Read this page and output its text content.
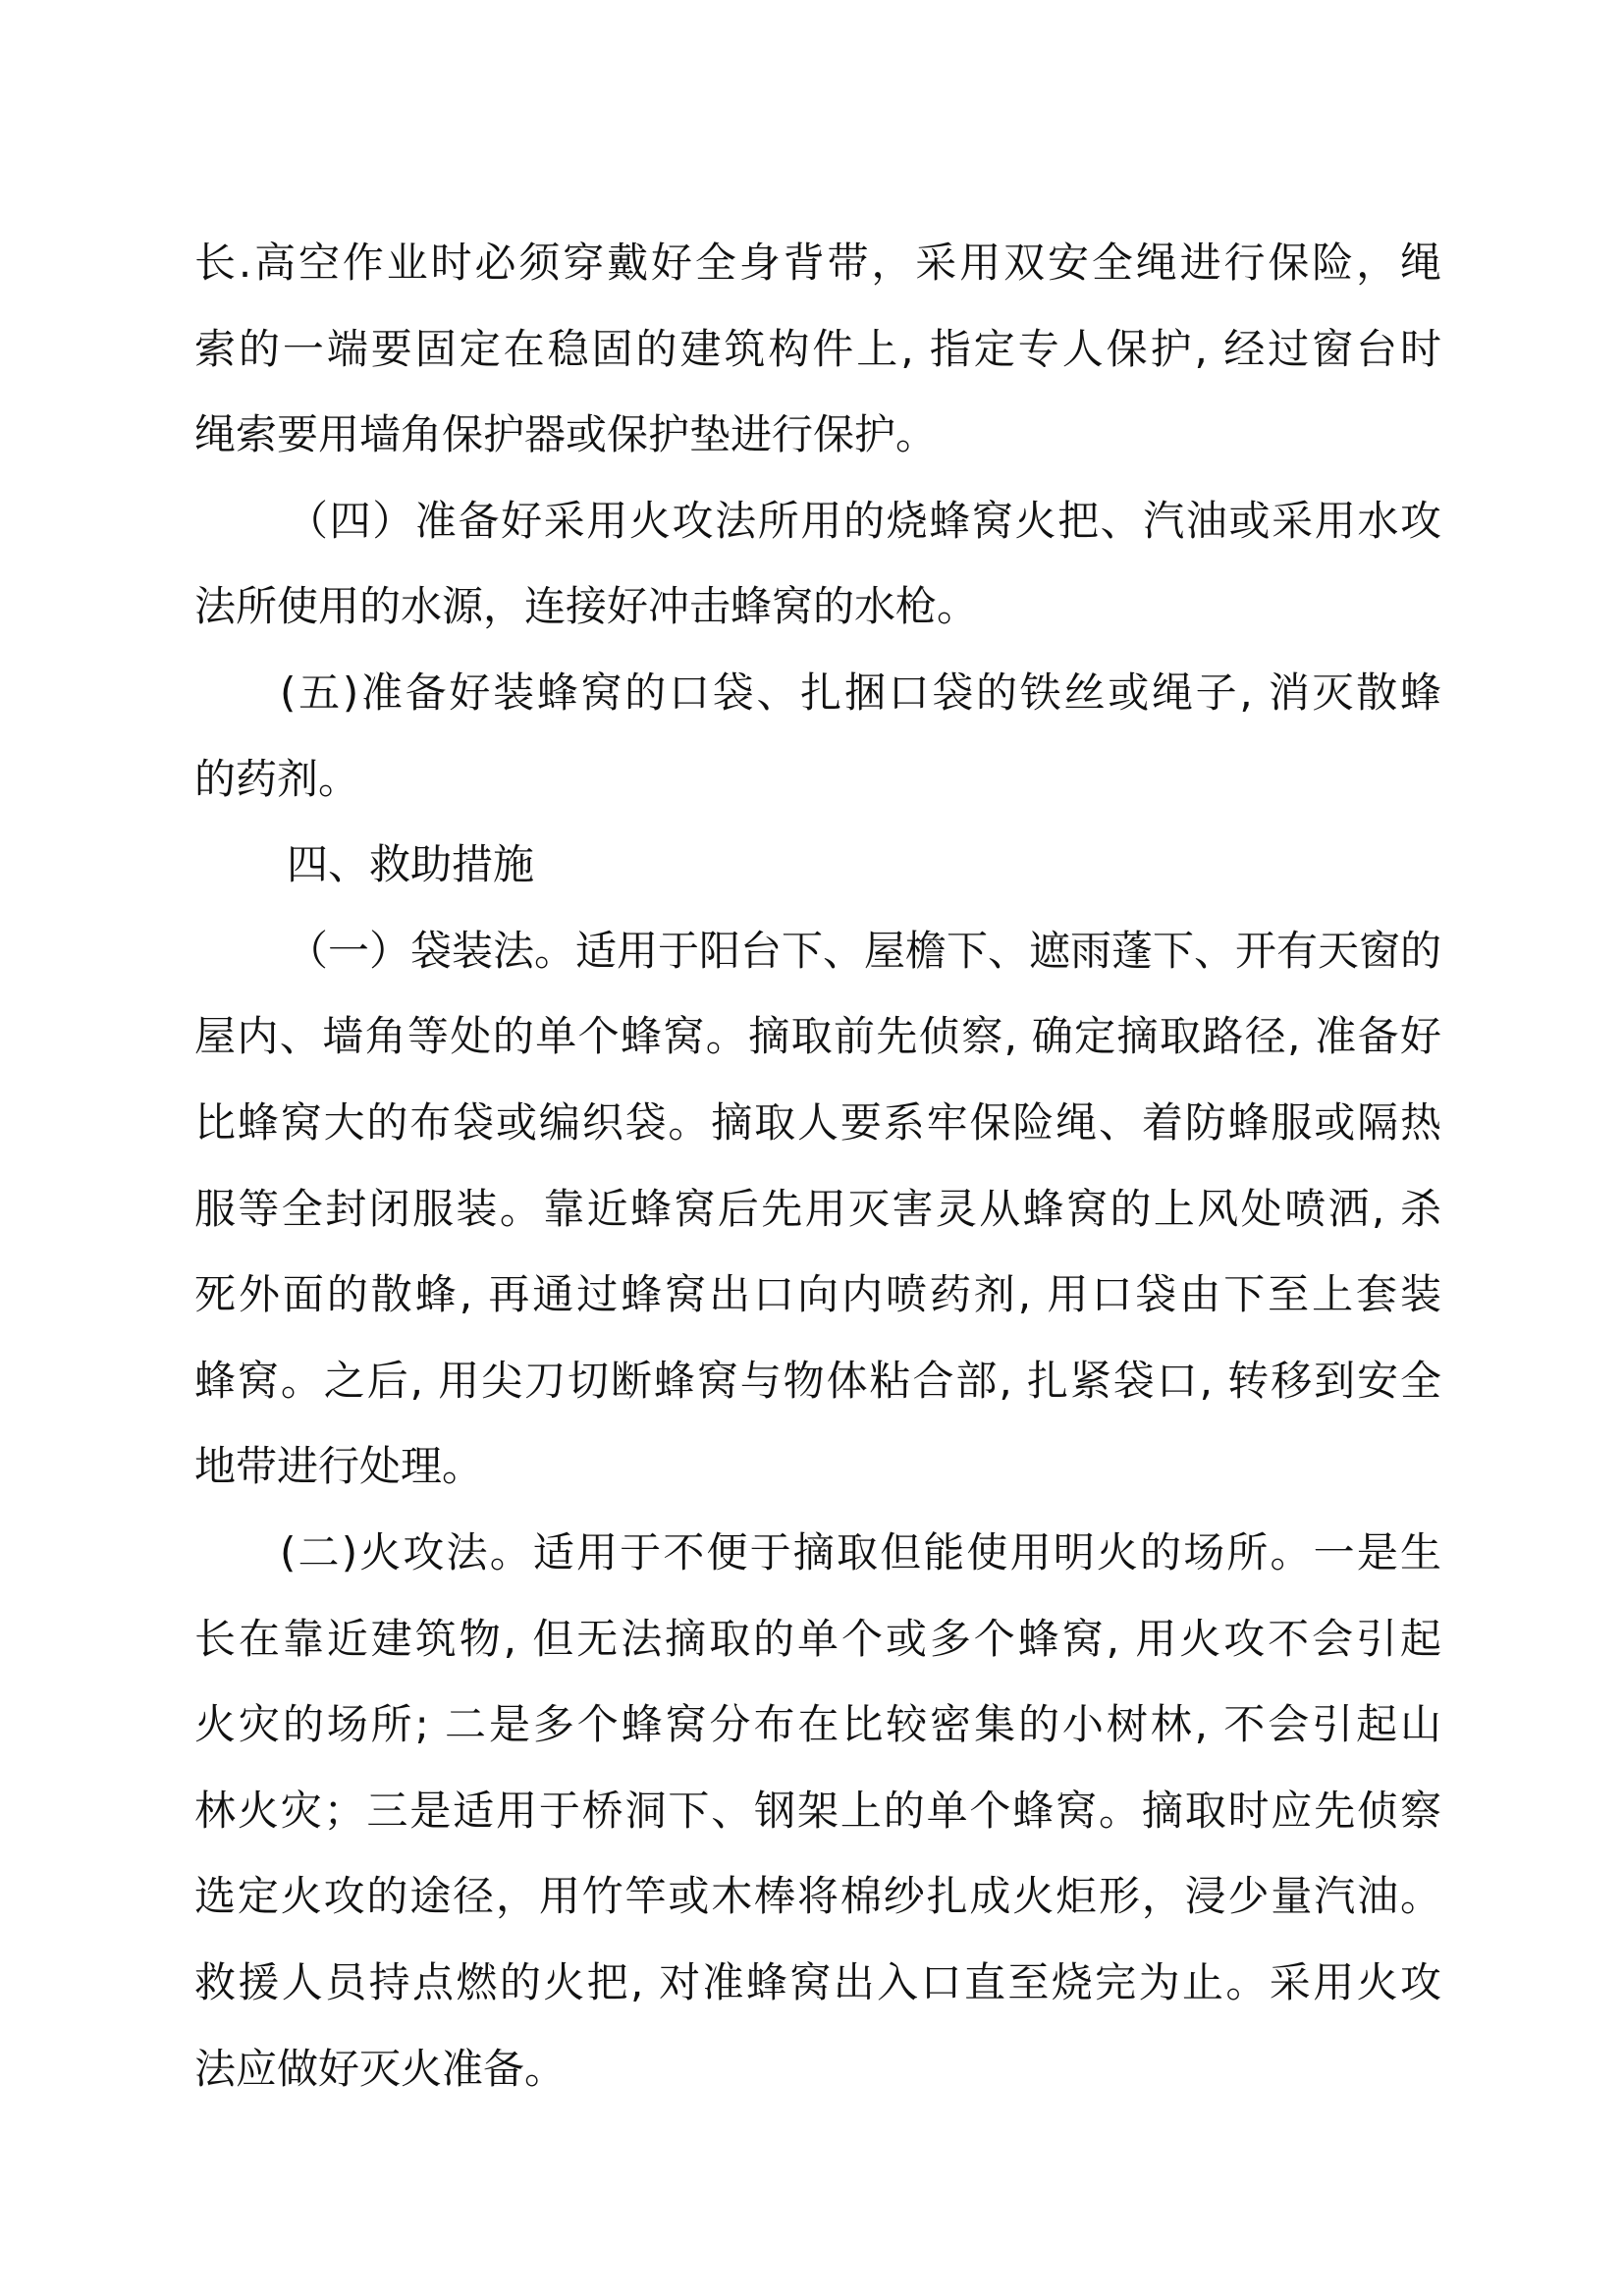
长.高空作业时必须穿戴好全身背带，采用双安全绳进行保险，绳
索的一端要固定在稳固的建筑构件上, 指定专人保护, 经过窗台时
绳索要用墙角保护器或保护垫进行保护。
（四）准备好采用火攻法所用的烧蜂窝火把、汽油或采用水攻
法所使用的水源，连接好冲击蜂窝的水枪。
(五)准备好装蜂窝的口袋、扎捆口袋的铁丝或绳子, 消灭散蜂
的药剂。
四、救助措施
（一）袋装法。适用于阳台下、屋檐下、遮雨蓬下、开有天窗的
屋内、墙角等处的单个蜂窝。摘取前先侦察, 确定摘取路径, 准备好
比蜂窝大的布袋或编织袋。摘取人要系牢保险绳、着防蜂服或隔热
服等全封闭服装。靠近蜂窝后先用灭害灵从蜂窝的上风处喷洒, 杀
死外面的散蜂, 再通过蜂窝出口向内喷药剂, 用口袋由下至上套装
蜂窝。之后, 用尖刀切断蜂窝与物体粘合部, 扎紧袋口, 转移到安全
地带进行处理。
(二)火攻法。适用于不便于摘取但能使用明火的场所。一是生
长在靠近建筑物, 但无法摘取的单个或多个蜂窝, 用火攻不会引起
火灾的场所; 二是多个蜂窝分布在比较密集的小树林, 不会引起山
林火灾；三是适用于桥洞下、钢架上的单个蜂窝。摘取时应先侦察
选定火攻的途径，用竹竿或木棒将棉纱扎成火炬形，浸少量汽油。
救援人员持点燃的火把, 对准蜂窝出入口直至烧完为止。采用火攻
法应做好灭火准备。
